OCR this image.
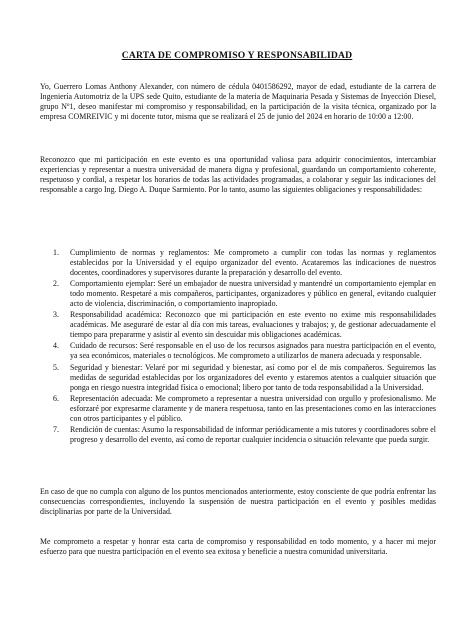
CARTA DE COMPROMISO Y RESPONSABILIDAD

Yo, Guerrero Lomas Anthony Alexander, con número de cédula 0401586292, mayor de edad, estudiante de la carrera de Ingeniería Automotriz de la UPS sede Quito, estudiante de la materia de Maquinaria Pesada y Sistemas de Inyección Diesel, grupo Nº1, deseo manifestar mi compromiso y responsabilidad, en la participación de la visita técnica, organizado por la empresa COMREIVIC y mi docente tutor, misma que se realizará el 25 de junio del 2024 en horario de 10:00 a 12:00.

Reconozco que mi participación en este evento es una oportunidad valiosa para adquirir conocimientos, intercambiar experiencias y representar a nuestra universidad de manera digna y profesional, guardando un comportamiento coherente, respetuoso y cordial, a respetar los horarios de todas las actividades programadas, a colaborar y seguir las indicaciones del responsable a cargo Ing. Diego A. Duque Sarmiento. Por lo tanto, asumo las siguientes obligaciones y responsabilidades:

1. Cumplimiento de normas y reglamentos: Me comprometo a cumplir con todas las normas y reglamentos establecidos por la Universidad y el equipo organizador del evento. Acataremos las indicaciones de nuestros docentes, coordinadores y supervisores durante la preparación y desarrollo del evento.
2. Comportamiento ejemplar: Seré un embajador de nuestra universidad y mantendré un comportamiento ejemplar en todo momento. Respetaré a mis compañeros, participantes, organizadores y público en general, evitando cualquier acto de violencia, discriminación, o comportamiento inapropiado.
3. Responsabilidad académica: Reconozco que mi participación en este evento no exime mis responsabilidades académicas. Me aseguraré de estar al día con mis tareas, evaluaciones y trabajos; y, de gestionar adecuadamente el tiempo para prepararme y asistir al evento sin descuidar mis obligaciones académicas.
4. Cuidado de recursos: Seré responsable en el uso de los recursos asignados para nuestra participación en el evento, ya sea económicos, materiales o tecnológicos. Me comprometo a utilizarlos de manera adecuada y responsable.
5. Seguridad y bienestar: Velaré por mi seguridad y bienestar, así como por el de mis compañeros. Seguiremos las medidas de seguridad establecidas por los organizadores del evento y estaremos atentos a cualquier situación que ponga en riesgo nuestra integridad física o emocional; libero por tanto de toda responsabilidad a la Universidad.
6. Representación adecuada: Me comprometo a representar a nuestra universidad con orgullo y profesionalismo. Me esforzaré por expresarme claramente y de manera respetuosa, tanto en las presentaciones como en las interacciones con otros participantes y el público.
7. Rendición de cuentas: Asumo la responsabilidad de informar periódicamente a mis tutores y coordinadores sobre el progreso y desarrollo del evento, así como de reportar cualquier incidencia o situación relevante que pueda surgir.

En caso de que no cumpla con alguno de los puntos mencionados anteriormente, estoy consciente de que podría enfrentar las consecuencias correspondientes, incluyendo la suspensión de nuestra participación en el evento y posibles medidas disciplinarias por parte de la Universidad.

Me comprometo a respetar y honrar esta carta de compromiso y responsabilidad en todo momento, y a hacer mi mejor esfuerzo para que nuestra participación en el evento sea exitosa y beneficie a nuestra comunidad universitaria.
